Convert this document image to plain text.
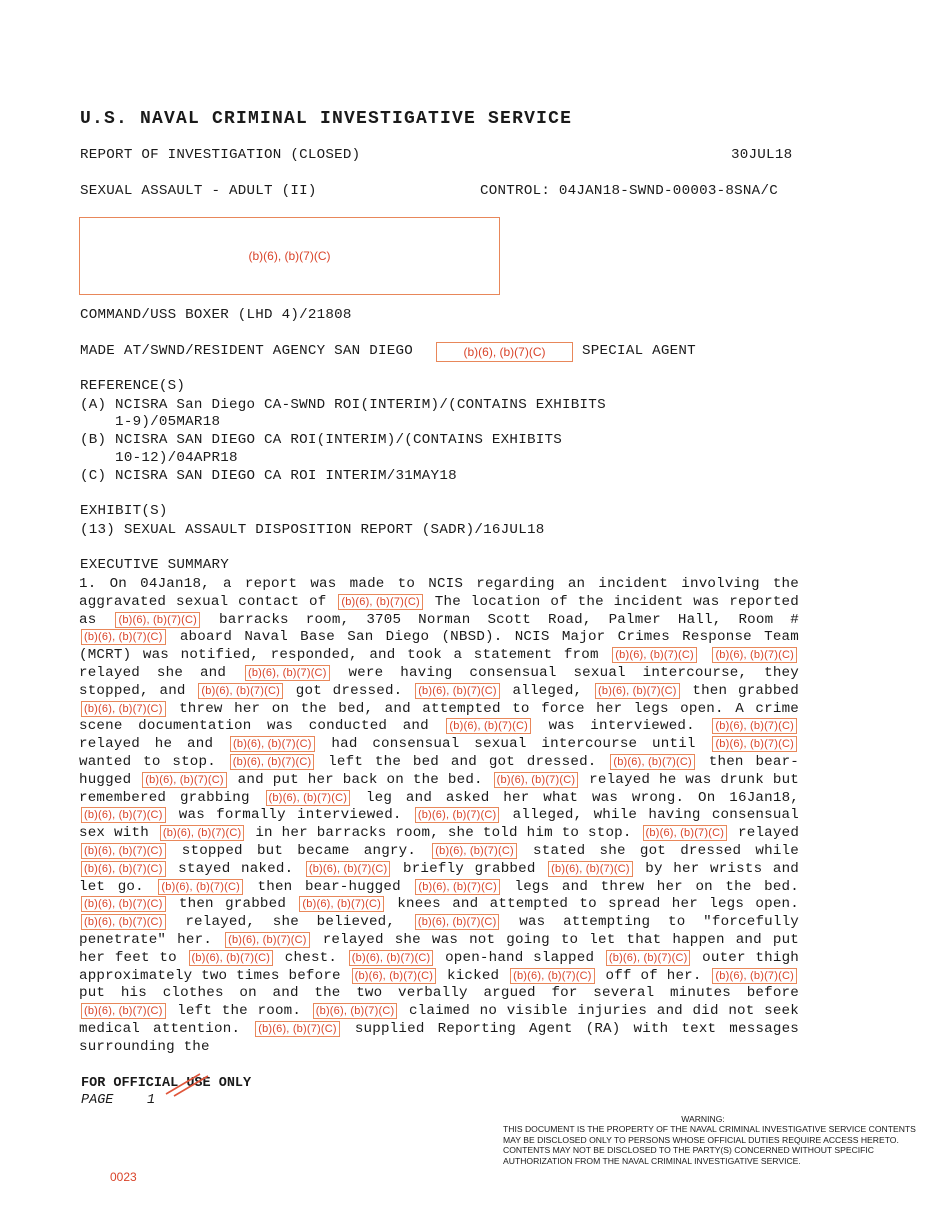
U.S. NAVAL CRIMINAL INVESTIGATIVE SERVICE
REPORT OF INVESTIGATION (CLOSED)	30JUL18
SEXUAL ASSAULT - ADULT (II)	CONTROL: 04JAN18-SWND-00003-8SNA/C
(b)(6), (b)(7)(C)
COMMAND/USS BOXER (LHD 4)/21808
MADE AT/SWND/RESIDENT AGENCY SAN DIEGO	(b)(6), (b)(7)(C)	SPECIAL AGENT
REFERENCE(S)
(A) NCISRA San Diego CA-SWND ROI(INTERIM)/(CONTAINS EXHIBITS
1-9)/05MAR18
(B) NCISRA SAN DIEGO CA ROI(INTERIM)/(CONTAINS EXHIBITS
10-12)/04APR18
(C) NCISRA SAN DIEGO CA ROI INTERIM/31MAY18
EXHIBIT(S)
(13) SEXUAL ASSAULT DISPOSITION REPORT (SADR)/16JUL18
EXECUTIVE SUMMARY
1. On 04Jan18, a report was made to NCIS regarding an incident involving the aggravated sexual contact of (b)(6), (b)(7)(C) The location of the incident was reported as (b)(6), (b)(7)(C) barracks room, 3705 Norman Scott Road, Palmer Hall, Room # (b)(6), (b)(7)(C) aboard Naval Base San Diego (NBSD). NCIS Major Crimes Response Team (MCRT) was notified, responded, and took a statement from (b)(6), (b)(7)(C) (b)(6), (b)(7)(C) relayed she and (b)(6), (b)(7)(C) were having consensual sexual intercourse, they stopped, and (b)(6), (b)(7)(C) got dressed. (b)(6), (b)(7)(C) alleged, (b)(6), (b)(7)(C) then grabbed (b)(6), (b)(7)(C) threw her on the bed, and attempted to force her legs open. A crime scene documentation was conducted and (b)(6), (b)(7)(C) was interviewed. (b)(6), (b)(7)(C) relayed he and (b)(6), (b)(7)(C) had consensual sexual intercourse until (b)(6), (b)(7)(C) wanted to stop. (b)(6), (b)(7)(C) left the bed and got dressed. (b)(6), (b)(7)(C) then bear-hugged (b)(6), (b)(7)(C) and put her back on the bed. (b)(6), (b)(7)(C) relayed he was drunk but remembered grabbing (b)(6), (b)(7)(C) leg and asked her what was wrong. On 16Jan18, (b)(6), (b)(7)(C) was formally interviewed. (b)(6), (b)(7)(C) alleged, while having consensual sex with (b)(6), (b)(7)(C) in her barracks room, she told him to stop. (b)(6), (b)(7)(C) relayed (b)(6), (b)(7)(C) stopped but became angry. (b)(6), (b)(7)(C) stated she got dressed while (b)(6), (b)(7)(C) stayed naked. (b)(6), (b)(7)(C) briefly grabbed (b)(6), (b)(7)(C) by her wrists and let go. (b)(6), (b)(7)(C) then bear-hugged (b)(6), (b)(7)(C) legs and threw her on the bed. (b)(6), (b)(7)(C) then grabbed (b)(6), (b)(7)(C) knees and attempted to spread her legs open. (b)(6), (b)(7)(C) relayed, she believed, (b)(6), (b)(7)(C) was attempting to "forcefully penetrate" her. (b)(6), (b)(7)(C) relayed she was not going to let that happen and put her feet to (b)(6), (b)(7)(C) chest. (b)(6), (b)(7)(C) open-hand slapped (b)(6), (b)(7)(C) outer thigh approximately two times before (b)(6), (b)(7)(C) kicked (b)(6), (b)(7)(C) off of her. (b)(6), (b)(7)(C) put his clothes on and the two verbally argued for several minutes before (b)(6), (b)(7)(C) left the room. (b)(6), (b)(7)(C) claimed no visible injuries and did not seek medical attention. (b)(6), (b)(7)(C) supplied Reporting Agent (RA) with text messages surrounding the
FOR OFFICIAL USE ONLY
PAGE 1
WARNING:
THIS DOCUMENT IS THE PROPERTY OF THE NAVAL CRIMINAL INVESTIGATIVE SERVICE CONTENTS MAY BE DISCLOSED ONLY TO PERSONS WHOSE OFFICIAL DUTIES REQUIRE ACCESS HERETO. CONTENTS MAY NOT BE DISCLOSED TO THE PARTY(S) CONCERNED WITHOUT SPECIFIC AUTHORIZATION FROM THE NAVAL CRIMINAL INVESTIGATIVE SERVICE.
0023
